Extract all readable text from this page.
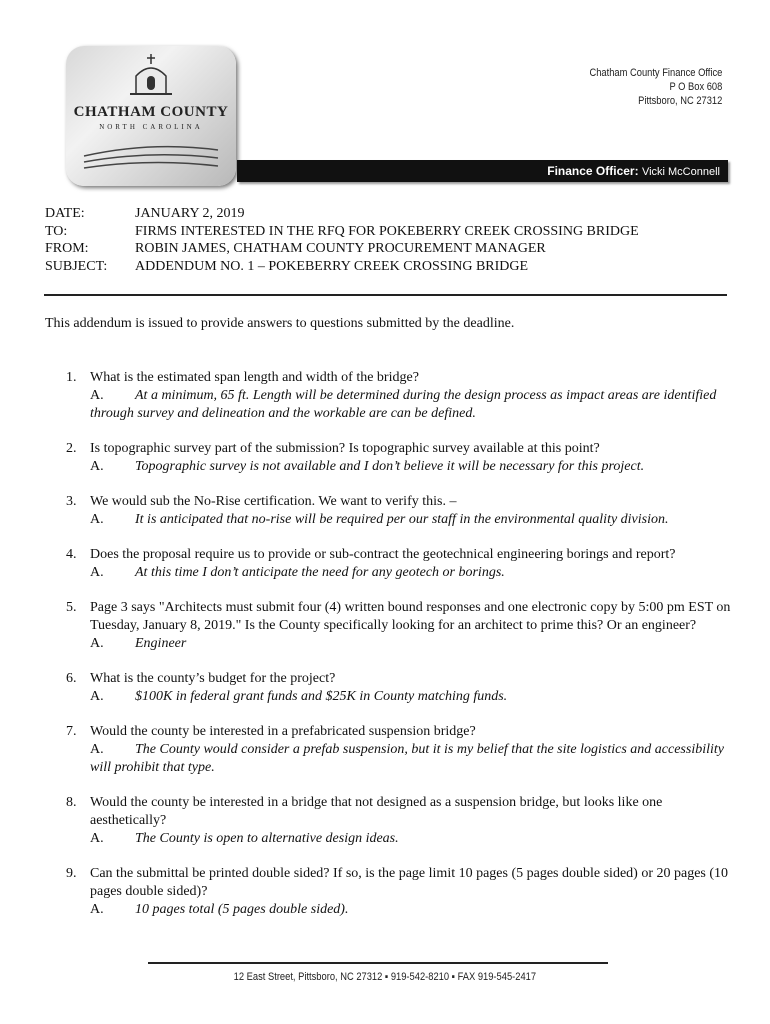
CHATHAM COUNTY
NORTH CAROLINA
Chatham County Finance Office
P O Box 608
Pittsboro, NC 27312
Finance Officer: Vicki McConnell
DATE:	JANUARY 2, 2019
TO:	FIRMS INTERESTED IN THE RFQ FOR POKEBERRY CREEK CROSSING BRIDGE
FROM:	ROBIN JAMES, CHATHAM COUNTY PROCUREMENT MANAGER
SUBJECT:	ADDENDUM NO. 1 – POKEBERRY CREEK CROSSING BRIDGE
This addendum is issued to provide answers to questions submitted by the deadline.
1. What is the estimated span length and width of the bridge?
A. At a minimum, 65 ft. Length will be determined during the design process as impact areas are identified through survey and delineation and the workable are can be defined.
2. Is topographic survey part of the submission? Is topographic survey available at this point?
A. Topographic survey is not available and I don’t believe it will be necessary for this project.
3. We would sub the No-Rise certification. We want to verify this. –
A. It is anticipated that no-rise will be required per our staff in the environmental quality division.
4. Does the proposal require us to provide or sub-contract the geotechnical engineering borings and report?
A. At this time I don’t anticipate the need for any geotech or borings.
5. Page 3 says "Architects must submit four (4) written bound responses and one electronic copy by 5:00 pm EST on Tuesday, January 8, 2019." Is the County specifically looking for an architect to prime this? Or an engineer?
A. Engineer
6. What is the county’s budget for the project?
A. $100K in federal grant funds and $25K in County matching funds.
7. Would the county be interested in a prefabricated suspension bridge?
A. The County would consider a prefab suspension, but it is my belief that the site logistics and accessibility will prohibit that type.
8. Would the county be interested in a bridge that not designed as a suspension bridge, but looks like one aesthetically?
A. The County is open to alternative design ideas.
9. Can the submittal be printed double sided? If so, is the page limit 10 pages (5 pages double sided) or 20 pages (10 pages double sided)?
A. 10 pages total (5 pages double sided).
12 East Street, Pittsboro, NC 27312 ▪ 919-542-8210 ▪ FAX 919-545-2417
